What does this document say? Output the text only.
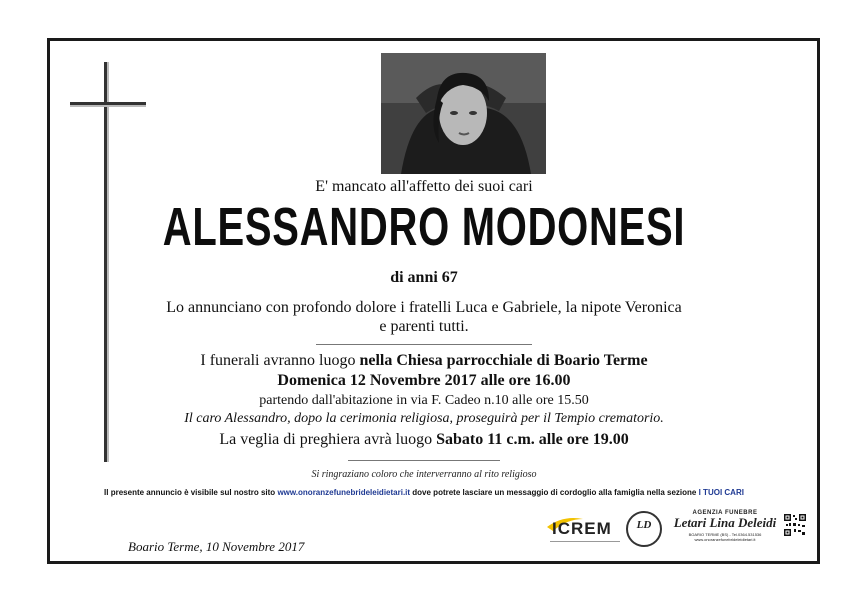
E' mancato all'affetto dei suoi cari
ALESSANDRO MODONESI
di anni 67
Lo annunciano con profondo dolore i fratelli Luca e Gabriele, la nipote Veronica
e parenti tutti.
I funerali avranno luogo nella Chiesa parrocchiale di Boario Terme
Domenica 12 Novembre 2017 alle ore 16.00
partendo dall'abitazione in via F. Cadeo n.10 alle ore 15.50
Il caro Alessandro, dopo la cerimonia religiosa, proseguirà per il Tempio crematorio.
La veglia di preghiera avrà luogo Sabato 11 c.m. alle ore 19.00
Si ringraziano coloro che interverranno al rito religioso
Il presente annuncio è visibile sul nostro sito www.onoranzefunebrideleidietari.it dove potrete lasciare un messaggio di cordoglio alla famiglia nella sezione I TUOI CARI
Boario Terme, 10 Novembre 2017
ICREM	LD
AGENZIA FUNEBRE
Letari Lina Deleidi
BOARIO TERME (BS) - Tel.0364.531536
www.onoranzefunebrideleidietari.it
